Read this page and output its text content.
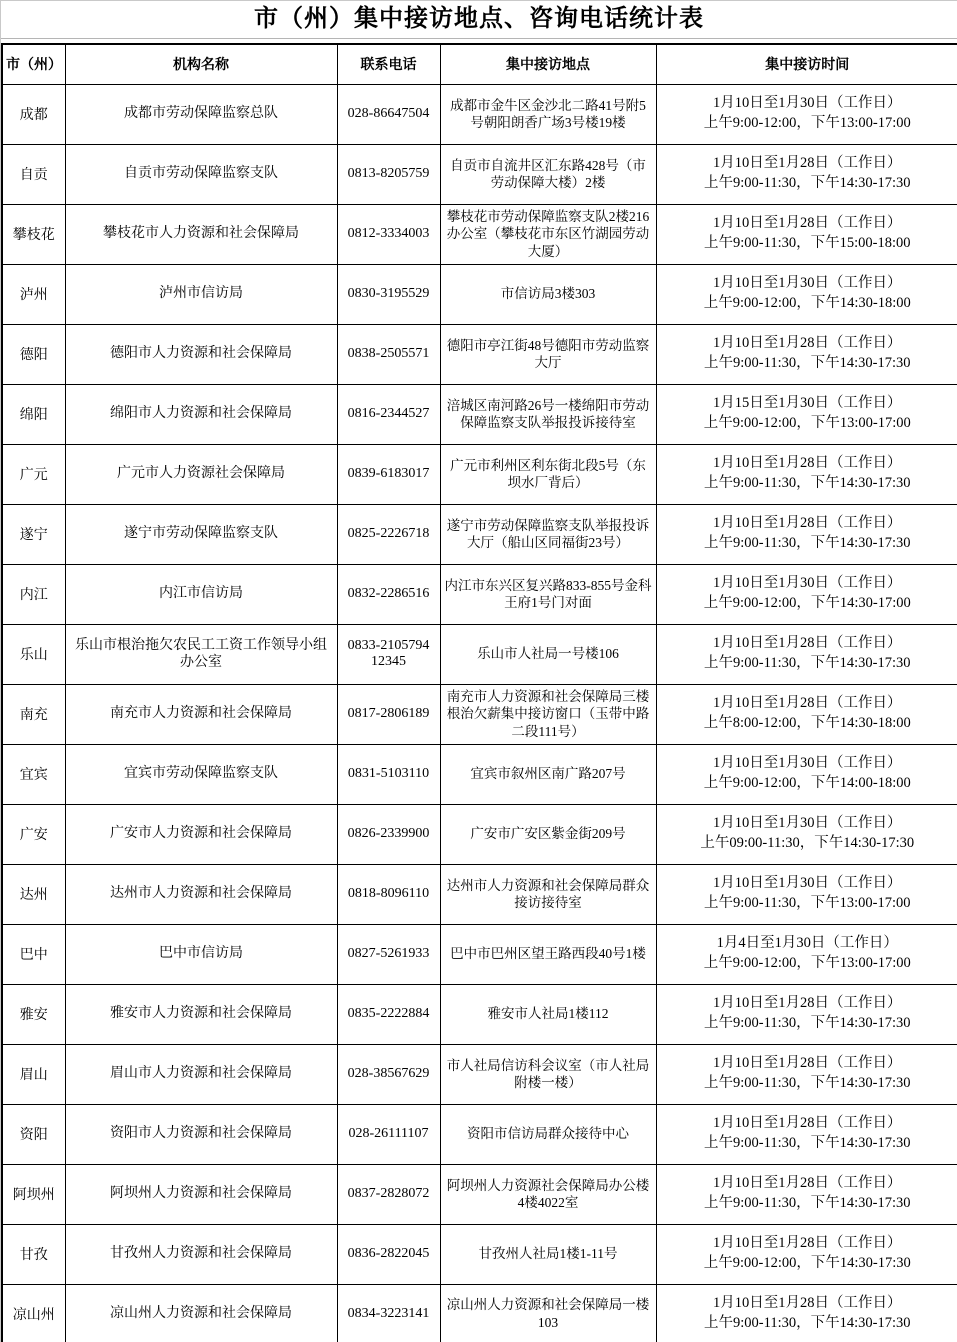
市（州）集中接访地点、咨询电话统计表
市（州）	机构名称	联系电话	集中接访地点	集中接访时间
成都	成都市劳动保障监察总队	028-86647504	成都市金牛区金沙北二路41号附5号朝阳朗香广场3号楼19楼	1月10日至1月30日（工作日）
上午9:00-12:00，下午13:00-17:00

自贡	自贡市劳动保障监察支队	0813-8205759	自贡市自流井区汇东路428号（市劳动保障大楼）2楼	1月10日至1月28日（工作日）
上午9:00-11:30，下午14:30-17:30

攀枝花	攀枝花市人力资源和社会保障局	0812-3334003	攀枝花市劳动保障监察支队2楼216办公室（攀枝花市东区竹湖园劳动大厦）	1月10日至1月28日（工作日）
上午9:00-11:30，下午15:00-18:00

泸州	泸州市信访局	0830-3195529	市信访局3楼303	1月10日至1月30日（工作日）
上午9:00-12:00，下午14:30-18:00

德阳	德阳市人力资源和社会保障局	0838-2505571	德阳市亭江街48号德阳市劳动监察大厅	1月10日至1月28日（工作日）
上午9:00-11:30，下午14:30-17:30

绵阳	绵阳市人力资源和社会保障局	0816-2344527	涪城区南河路26号一楼绵阳市劳动保障监察支队举报投诉接待室	1月15日至1月30日（工作日）
上午9:00-12:00，下午13:00-17:00

广元	广元市人力资源社会保障局	0839-6183017	广元市利州区利东街北段5号（东坝水厂背后）	1月10日至1月28日（工作日）
上午9:00-11:30，下午14:30-17:30

遂宁	遂宁市劳动保障监察支队	0825-2226718	遂宁市劳动保障监察支队举报投诉大厅（船山区同福街23号）	1月10日至1月28日（工作日）
上午9:00-11:30，下午14:30-17:30

内江	内江市信访局	0832-2286516	内江市东兴区复兴路833-855号金科王府1号门对面	1月10日至1月30日（工作日）
上午9:00-12:00，下午14:30-17:00

乐山	乐山市根治拖欠农民工工资工作领导小组办公室	0833-2105794 12345	乐山市人社局一号楼106	1月10日至1月28日（工作日）
上午9:00-11:30，下午14:30-17:30

南充	南充市人力资源和社会保障局	0817-2806189	南充市人力资源和社会保障局三楼根治欠薪集中接访窗口（玉带中路二段111号）	1月10日至1月28日（工作日）
上午8:00-12:00，下午14:30-18:00

宜宾	宜宾市劳动保障监察支队	0831-5103110	宜宾市叙州区南广路207号	1月10日至1月30日（工作日）
上午9:00-12:00，下午14:00-18:00

广安	广安市人力资源和社会保障局	0826-2339900	广安市广安区紫金街209号	1月10日至1月30日（工作日）
上午09:00-11:30，下午14:30-17:30

达州	达州市人力资源和社会保障局	0818-8096110	达州市人力资源和社会保障局群众接访接待室	1月10日至1月30日（工作日）
上午9:00-11:30，下午13:00-17:00

巴中	巴中市信访局	0827-5261933	巴中市巴州区望王路西段40号1楼	1月4日至1月30日（工作日）
上午9:00-12:00，下午13:00-17:00

雅安	雅安市人力资源和社会保障局	0835-2222884	雅安市人社局1楼112	1月10日至1月28日（工作日）
上午9:00-11:30，下午14:30-17:30

眉山	眉山市人力资源和社会保障局	028-38567629	市人社局信访科会议室（市人社局附楼一楼）	1月10日至1月28日（工作日）
上午9:00-11:30，下午14:30-17:30

资阳	资阳市人力资源和社会保障局	028-26111107	资阳市信访局群众接待中心	1月10日至1月28日（工作日）
上午9:00-11:30，下午14:30-17:30

阿坝州	阿坝州人力资源和社会保障局	0837-2828072	阿坝州人力资源社会保障局办公楼4楼4022室	1月10日至1月28日（工作日）
上午9:00-11:30，下午14:30-17:30

甘孜	甘孜州人力资源和社会保障局	0836-2822045	甘孜州人社局1楼1-11号	1月10日至1月28日（工作日）
上午9:00-12:00，下午14:30-17:30

凉山州	凉山州人力资源和社会保障局	0834-3223141	凉山州人力资源和社会保障局一楼103	1月10日至1月28日（工作日）
上午9:00-11:30，下午14:30-17:30
